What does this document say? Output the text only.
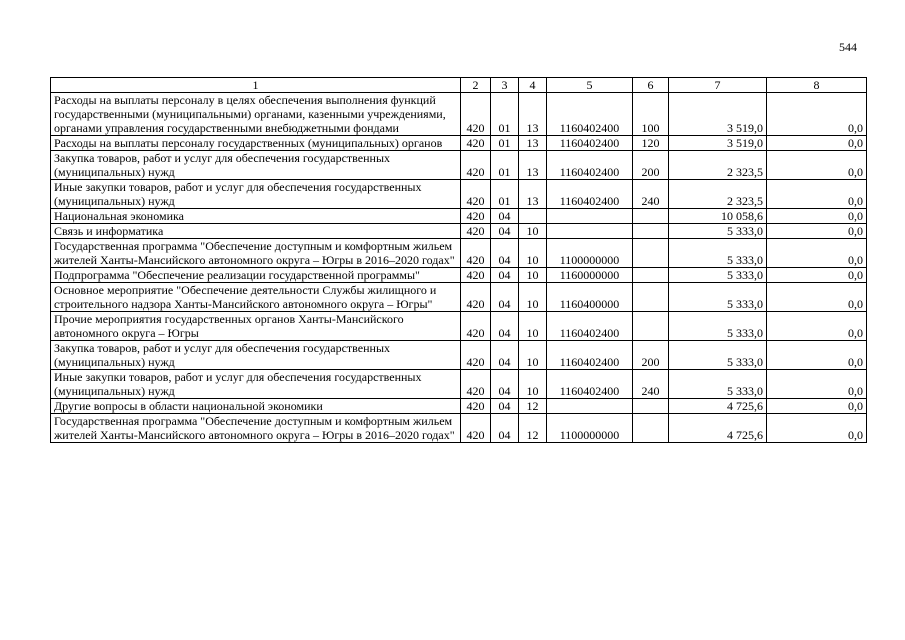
544
1	2	3	4	5	6	7	8
Расходы на выплаты персоналу в целях обеспечения выполнения функций государственными (муниципальными) органами, казенными учреждениями, органами управления государственными внебюджетными фондами	420	01	13	1160402400	100	3 519,0	0,0
Расходы на выплаты персоналу государственных (муниципальных) органов	420	01	13	1160402400	120	3 519,0	0,0
Закупка товаров, работ и услуг для обеспечения государственных (муниципальных) нужд	420	01	13	1160402400	200	2 323,5	0,0
Иные закупки товаров, работ и услуг для обеспечения государственных (муниципальных) нужд	420	01	13	1160402400	240	2 323,5	0,0
Национальная экономика	420	04				10 058,6	0,0
Связь и информатика	420	04	10			5 333,0	0,0
Государственная программа "Обеспечение доступным и комфортным жильем жителей Ханты-Мансийского автономного округа – Югры в 2016–2020 годах"	420	04	10	1100000000		5 333,0	0,0
Подпрограмма "Обеспечение реализации государственной программы"	420	04	10	1160000000		5 333,0	0,0
Основное мероприятие "Обеспечение деятельности Службы жилищного и строительного надзора Ханты-Мансийского автономного округа – Югры"	420	04	10	1160400000		5 333,0	0,0
Прочие мероприятия государственных органов Ханты-Мансийского автономного округа – Югры	420	04	10	1160402400		5 333,0	0,0
Закупка товаров, работ и услуг для обеспечения государственных (муниципальных) нужд	420	04	10	1160402400	200	5 333,0	0,0
Иные закупки товаров, работ и услуг для обеспечения государственных (муниципальных) нужд	420	04	10	1160402400	240	5 333,0	0,0
Другие вопросы в области национальной экономики	420	04	12			4 725,6	0,0
Государственная программа "Обеспечение доступным и комфортным жильем жителей Ханты-Мансийского автономного округа – Югры в 2016–2020 годах"	420	04	12	1100000000		4 725,6	0,0
